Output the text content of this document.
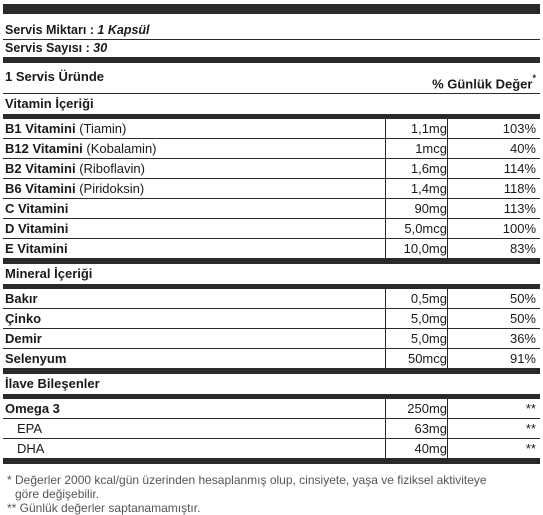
Servis Miktarı : 1 Kapsül
Servis Sayısı : 30
1 Servis Üründe	% Günlük Değer*
Vitamin İçeriği
B1 Vitamini (Tiamin)	1,1mg	103%
B12 Vitamini (Kobalamin)	1mcg	40%
B2 Vitamini (Riboflavin)	1,6mg	114%
B6 Vitamini (Piridoksin)	1,4mg	118%
C Vitamini	90mg	113%
D Vitamini	5,0mcg	100%
E Vitamini	10,0mg	83%
Mineral İçeriği
Bakır	0,5mg	50%
Çinko	5,0mg	50%
Demir	5,0mg	36%
Selenyum	50mcg	91%
İlave Bileşenler
Omega 3	250mg	**
EPA	63mg	**
DHA	40mg	**
* Değerler 2000 kcal/gün üzerinden hesaplanmış olup, cinsiyete, yaşa ve fiziksel aktiviteye
göre değişebilir.
** Günlük değerler saptanamamıştır.
